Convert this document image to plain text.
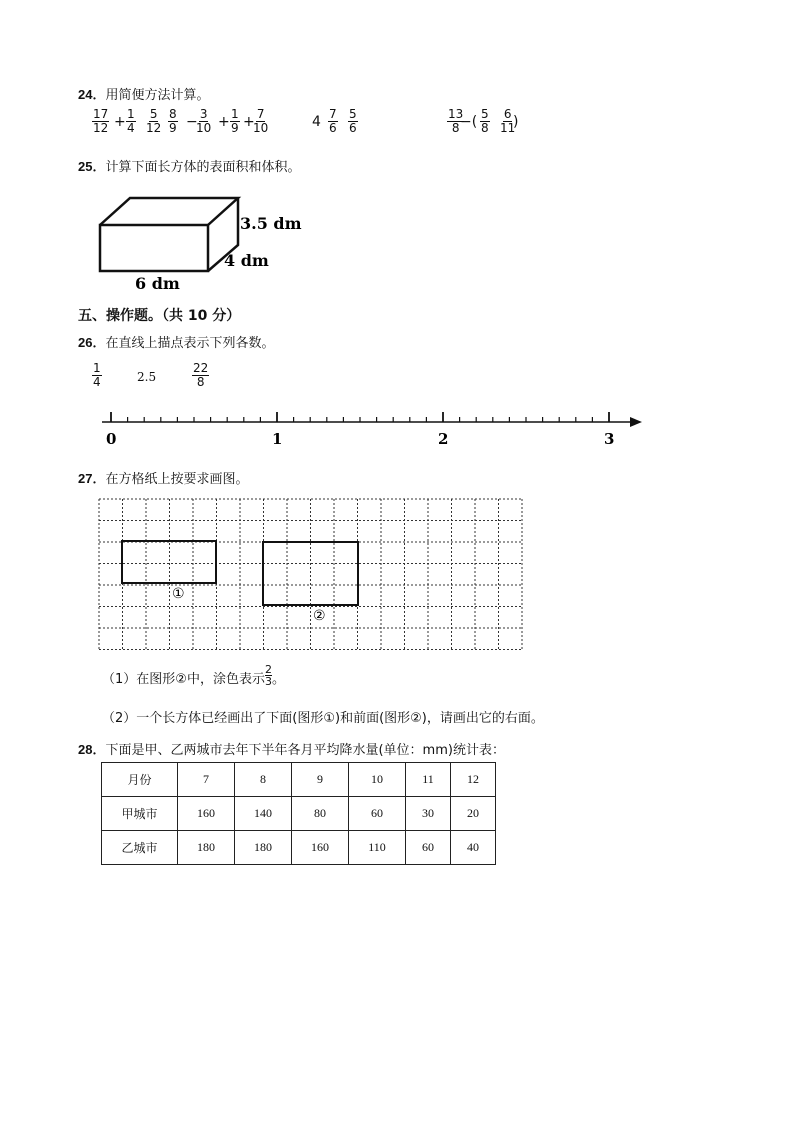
24．用简便方法计算。
$\frac{17}{12} \frac{1}{4} \frac{5}{12} \frac{8}{9} \frac{3}{10} \frac{1}{9} \frac{7}{10}$
+	− + +	$4 \frac{7}{6} \frac{5}{6}$	$\frac{13}{8}$
−( $\frac{5}{8} \frac{6}{11}$
)
25．计算下面长方体的表面积和体积。
3.5 dm
4 dm
6 dm
五、操作题。（共 10 分）
26．在直线上描点表示下列各数。
$\frac{1}{4}$	2.5	$\frac{22}{8}$
0	1	2	3
27．在方格纸上按要求画图。
①
②
（1）在图形②中，涂色表示 $\frac{2}{3}$ 。
（2）一个长方体已经画出了下面(图形①)和前面(图形②)，请画出它的右面。
28．下面是甲、乙两城市去年下半年各月平均降水量(单位：mm)统计表：
月份	7	8	9	10	11	12
甲城市	160	140	80	60	30	20
乙城市	180	180	160	110	60	40
